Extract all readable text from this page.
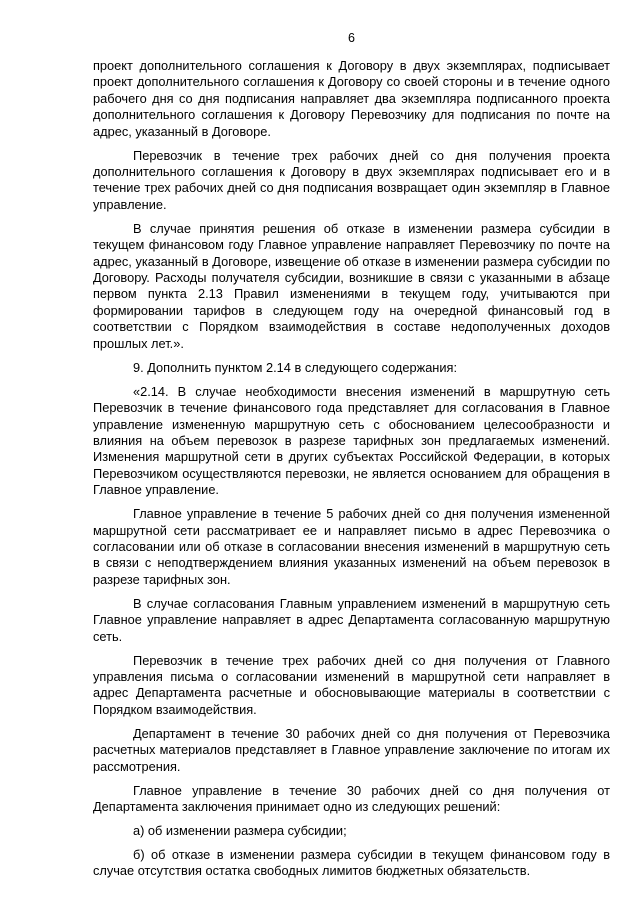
6

проект дополнительного соглашения к Договору в двух экземплярах, подписывает проект дополнительного соглашения к Договору со своей стороны и в течение одного рабочего дня со дня подписания направляет два экземпляра подписанного проекта дополнительного соглашения к Договору Перевозчику для подписания по почте на адрес, указанный в Договоре.

Перевозчик в течение трех рабочих дней со дня получения проекта дополнительного соглашения к Договору в двух экземплярах подписывает его и в течение трех рабочих дней со дня подписания возвращает один экземпляр в Главное управление.

В случае принятия решения об отказе в изменении размера субсидии в текущем финансовом году Главное управление направляет Перевозчику по почте на адрес, указанный в Договоре, извещение об отказе в изменении размера субсидии по Договору. Расходы получателя субсидии, возникшие в связи с указанными в абзаце первом пункта 2.13 Правил изменениями в текущем году, учитываются при формировании тарифов в следующем году на очередной финансовый год в соответствии с Порядком взаимодействия в составе недополученных доходов прошлых лет.».

9. Дополнить пунктом 2.14 в следующего содержания:

«2.14. В случае необходимости внесения изменений в маршрутную сеть Перевозчик в течение финансового года представляет для согласования в Главное управление измененную маршрутную сеть с обоснованием целесообразности и влияния на объем перевозок в разрезе тарифных зон предлагаемых изменений. Изменения маршрутной сети в других субъектах Российской Федерации, в которых Перевозчиком осуществляются перевозки, не является основанием для обращения в Главное управление.

Главное управление в течение 5 рабочих дней со дня получения измененной маршрутной сети рассматривает ее и направляет письмо в адрес Перевозчика о согласовании или об отказе в согласовании внесения изменений в маршрутную сеть в связи с неподтверждением влияния указанных изменений на объем перевозок в разрезе тарифных зон.

В случае согласования Главным управлением изменений в маршрутную сеть Главное управление направляет в адрес Департамента согласованную маршрутную сеть.

Перевозчик в течение трех рабочих дней со дня получения от Главного управления письма о согласовании изменений в маршрутной сети направляет в адрес Департамента расчетные и обосновывающие материалы в соответствии с Порядком взаимодействия.

Департамент в течение 30 рабочих дней со дня получения от Перевозчика расчетных материалов представляет в Главное управление заключение по итогам их рассмотрения.

Главное управление в течение 30 рабочих дней со дня получения от Департамента заключения принимает одно из следующих решений:

а) об изменении размера субсидии;

б) об отказе в изменении размера субсидии в текущем финансовом году в случае отсутствия остатка свободных лимитов бюджетных обязательств.
